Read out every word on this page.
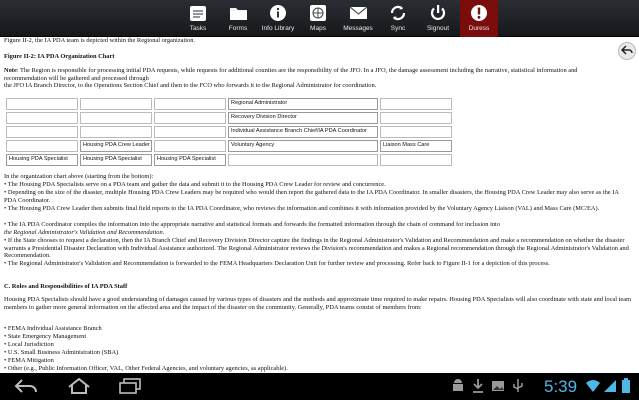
Tasks	Forms Info Library Maps	Messages	Sync	Signout	Duress

Figure II-2, the IA PDA team is depicted within the Regional organization.

Figure II-2: IA PDA Organization Chart

Note: The Region is responsible for processing initial PDA requests, while requests for additional counties are the responsibility of the JFO. In a JFO, the damage assessment including the narrative, statistical information and recommendation will be gathered and processed through

the JFO IA Branch Director, to the Operations Section Chief and then to the FCO who forwards it to the Regional Administrator for coordination.

			Regional Administrator	
			Recovery Division Director	
			Individual Assistance Branch Chief/IA PDA Coordinator	
	Housing PDA Crew Leader		Voluntary Agency	Liaison Mass Care
Housing PDA Specialist	Housing PDA Specialist	Housing PDA Specialist		

In the organization chart above (starting from the bottom):

• The Housing PDA Specialists serve on a PDA team and gather the data and submit it to the Housing PDA Crew Leader for review and concurrence.

• Depending on the size of the disaster, multiple Housing PDA Crew Leaders may be required who would then report the gathered data to the IA PDA Coordinator. In smaller disasters, the Housing PDA Crew Leader may also serve as the IA PDA Coordinator.

• The Housing PDA Crew Leader then submits final field reports to the IA PDA Coordinator, who reviews the information and combines it with information provided by the Voluntary Agency Liaison (VAL) and Mass Care (MC/EA).

• The IA PDA Coordinator compiles the information into the appropriate narrative and statistical formats and forwards the formatted information through the chain of command for inclusion into

the Regional Administrator's Validation and Recommendation.

• If the State chooses to request a declaration, then the IA Branch Chief and Recovery Division Director capture the findings in the Regional Administrator's Validation and Recommendation and make a recommendation on whether the disaster warrants a Presidential Disaster Declaration with Individual Assistance authorized. The Regional Administrator reviews the Division's recommendation and makes a Regional recommendation through the Regional Administrator's Validation and Recommendation.

• The Regional Administrator's Validation and Recommendation is forwarded to the FEMA Headquarters Declaration Unit for further review and processing. Refer back to Figure II-1 for a depiction of this process.

C. Roles and Responsibilities of IA PDA Staff

Housing PDA Specialists should have a good understanding of damages caused by various types of disasters and the methods and approximate time required to make repairs. Housing PDA Specialists will also coordinate with state and local team members to gather more general information on the affected area and the impact of the disaster on the community. Generally, PDA teams consist of members from:

• FEMA Individual Assistance Branch

• State Emergency Management

• Local Jurisdiction

• U.S. Small Business Administration (SBA)

• FEMA Mitigation

• Other (e.g., Public Information Officer, VAL, Other Federal Agencies, and voluntary agencies, as applicable).

5:39
